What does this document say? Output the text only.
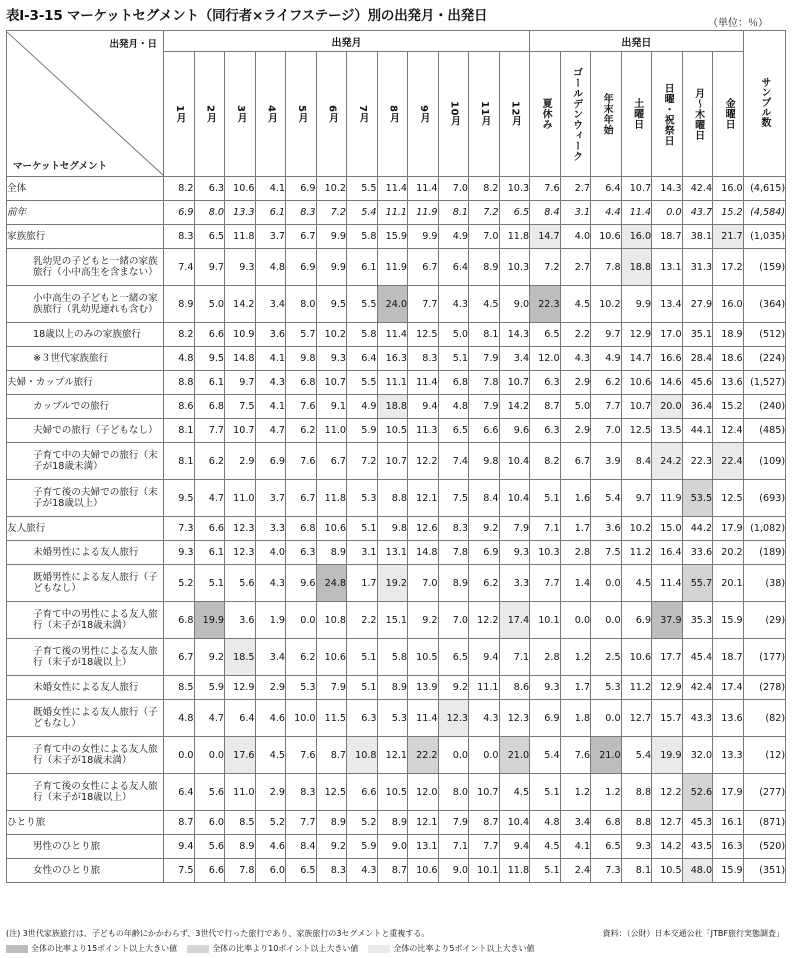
表Ⅰ-3-15 マーケットセグメント（同行者×ライフステージ）別の出発月・出発日	（単位：％）
出発月・日
マーケットセグメント	出発月												出発日							サンプル数

	1月	2月	3月	4月	5月	6月	7月	8月	9月	10月	11月	12月	夏休み	ゴールデンウィーク	年末年始	土曜日	日曜・祝祭日	月～木曜日	金曜日	

全体	8.2	6.3	10.6	4.1	6.9	10.2	5.5	11.4	11.4	7.0	8.2	10.3	7.6	2.7	6.4	10.7	14.3	42.4	16.0	(4,615)
前年	6.9	8.0	13.3	6.1	8.3	7.2	5.4	11.1	11.9	8.1	7.2	6.5	8.4	3.1	4.4	11.4	0.0	43.7	15.2	(4,584)
家族旅行	8.3	6.5	11.8	3.7	6.7	9.9	5.8	15.9	9.9	4.9	7.0	11.8	14.7	4.0	10.6	16.0	18.7	38.1	21.7	(1,035)
乳幼児の子どもと一緒の家族旅行（小中高生を含まない）	7.4	9.7	9.3	4.8	6.9	9.9	6.1	11.9	6.7	6.4	8.9	10.3	7.2	2.7	7.8	18.8	13.1	31.3	17.2	(159)
小中高生の子どもと一緒の家族旅行（乳幼児連れも含む）	8.9	5.0	14.2	3.4	8.0	9.5	5.5	24.0	7.7	4.3	4.5	9.0	22.3	4.5	10.2	9.9	13.4	27.9	16.0	(364)
18歳以上のみの家族旅行	8.2	6.6	10.9	3.6	5.7	10.2	5.8	11.4	12.5	5.0	8.1	14.3	6.5	2.2	9.7	12.9	17.0	35.1	18.9	(512)
※３世代家族旅行	4.8	9.5	14.8	4.1	9.8	9.3	6.4	16.3	8.3	5.1	7.9	3.4	12.0	4.3	4.9	14.7	16.6	28.4	18.6	(224)
夫婦・カップル旅行	8.8	6.1	9.7	4.3	6.8	10.7	5.5	11.1	11.4	6.8	7.8	10.7	6.3	2.9	6.2	10.6	14.6	45.6	13.6	(1,527)
カップルでの旅行	8.6	6.8	7.5	4.1	7.6	9.1	4.9	18.8	9.4	4.8	7.9	14.2	8.7	5.0	7.7	10.7	20.0	36.4	15.2	(240)
夫婦での旅行（子どもなし）	8.1	7.7	10.7	4.7	6.2	11.0	5.9	10.5	11.3	6.5	6.6	9.6	6.3	2.9	7.0	12.5	13.5	44.1	12.4	(485)
子育て中の夫婦での旅行（末子が18歳未満）	8.1	6.2	2.9	6.9	7.6	6.7	7.2	10.7	12.2	7.4	9.8	10.4	8.2	6.7	3.9	8.4	24.2	22.3	22.4	(109)
子育て後の夫婦での旅行（末子が18歳以上）	9.5	4.7	11.0	3.7	6.7	11.8	5.3	8.8	12.1	7.5	8.4	10.4	5.1	1.6	5.4	9.7	11.9	53.5	12.5	(693)
友人旅行	7.3	6.6	12.3	3.3	6.8	10.6	5.1	9.8	12.6	8.3	9.2	7.9	7.1	1.7	3.6	10.2	15.0	44.2	17.9	(1,082)
未婚男性による友人旅行	9.3	6.1	12.3	4.0	6.3	8.9	3.1	13.1	14.8	7.8	6.9	9.3	10.3	2.8	7.5	11.2	16.4	33.6	20.2	(189)
既婚男性による友人旅行（子どもなし）	5.2	5.1	5.6	4.3	9.6	24.8	1.7	19.2	7.0	8.9	6.2	3.3	7.7	1.4	0.0	4.5	11.4	55.7	20.1	(38)
子育て中の男性による友人旅行（末子が18歳未満）	6.8	19.9	3.6	1.9	0.0	10.8	2.2	15.1	9.2	7.0	12.2	17.4	10.1	0.0	0.0	6.9	37.9	35.3	15.9	(29)
子育て後の男性による友人旅行（末子が18歳以上）	6.7	9.2	18.5	3.4	6.2	10.6	5.1	5.8	10.5	6.5	9.4	7.1	2.8	1.2	2.5	10.6	17.7	45.4	18.7	(177)
未婚女性による友人旅行	8.5	5.9	12.9	2.9	5.3	7.9	5.1	8.9	13.9	9.2	11.1	8.6	9.3	1.7	5.3	11.2	12.9	42.4	17.4	(278)
既婚女性による友人旅行（子どもなし）	4.8	4.7	6.4	4.6	10.0	11.5	6.3	5.3	11.4	12.3	4.3	12.3	6.9	1.8	0.0	12.7	15.7	43.3	13.6	(82)
子育て中の女性による友人旅行（末子が18歳未満）	0.0	0.0	17.6	4.5	7.6	8.7	10.8	12.1	22.2	0.0	0.0	21.0	5.4	7.6	21.0	5.4	19.9	32.0	13.3	(12)
子育て後の女性による友人旅行（末子が18歳以上）	6.4	5.6	11.0	2.9	8.3	12.5	6.6	10.5	12.0	8.0	10.7	4.5	5.1	1.2	1.2	8.8	12.2	52.6	17.9	(277)
ひとり旅	8.7	6.0	8.5	5.2	7.7	8.9	5.2	8.9	12.1	7.9	8.7	10.4	4.8	3.4	6.8	8.8	12.7	45.3	16.1	(871)
男性のひとり旅	9.4	5.6	8.9	4.6	8.4	9.2	5.9	9.0	13.1	7.1	7.7	9.4	4.5	4.1	6.5	9.3	14.2	43.5	16.3	(520)
女性のひとり旅	7.5	6.6	7.8	6.0	6.5	8.3	4.3	8.7	10.6	9.0	10.1	11.8	5.1	2.4	7.3	8.1	10.5	48.0	15.9	(351)
(注) 3世代家族旅行は、子どもの年齢にかかわらず、3世代で行った旅行であり、家族旅行の3セグメントと重複する。	資料：（公財）日本交通公社「JTBF旅行実態調査」
全体の比率より15ポイント以上大きい値	全体の比率より10ポイント以上大きい値	全体の比率より5ポイント以上大きい値
